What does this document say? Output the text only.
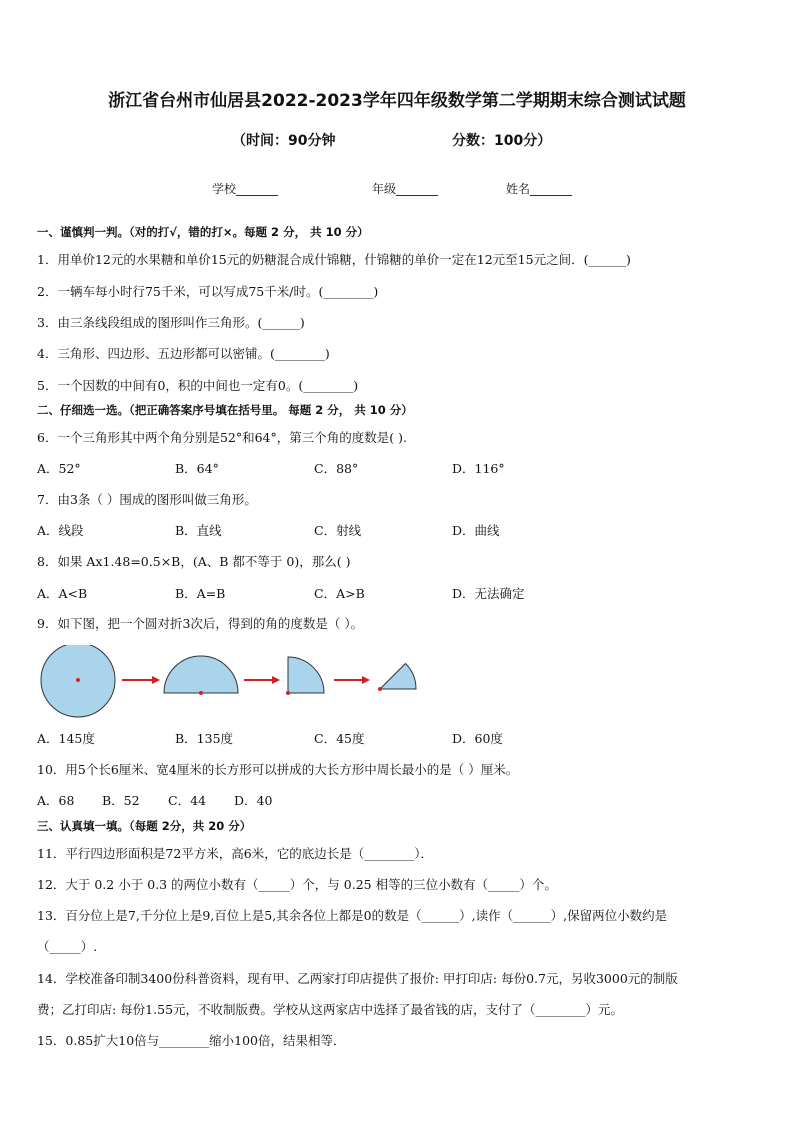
浙江省台州市仙居县2022-2023学年四年级数学第二学期期末综合测试试题
（时间：90分钟	分数：100分）
学校_______	年级_______	姓名_______
一、谨慎判一判。（对的打√，错的打×。每题 2 分， 共 10 分）
1．用单价12元的水果糖和单价15元的奶糖混合成什锦糖，什锦糖的单价一定在12元至15元之间．(______)
2．一辆车每小时行75千米，可以写成75千米/时。(________)
3．由三条线段组成的图形叫作三角形。(______)
4．三角形、四边形、五边形都可以密铺。(________)
5．一个因数的中间有0，积的中间也一定有0。(________)
二、仔细选一选。（把正确答案序号填在括号里。 每题 2 分， 共 10 分）
6．一个三角形其中两个角分别是52°和64°，第三个角的度数是( ).
A．52°	B．64°	C．88°	D．116°
7．由3条（ ）围成的图形叫做三角形。
A．线段	B．直线	C．射线	D．曲线
8．如果 Ax1.48=0.5×B，(A、B 都不等于 0)，那么( )
A．A<B	B．A=B	C．A>B	D．无法确定
9．如下图，把一个圆对折3次后，得到的角的度数是（ ）。
A．145度	B．135度	C．45度	D．60度
10．用5个长6厘米、宽4厘米的长方形可以拼成的大长方形中周长最小的是（ ）厘米。
A．68 B．52 C．44 D．40
三、认真填一填。（每题 2分，共 20 分）
11．平行四边形面积是72平方米，高6米，它的底边长是（________）．
12．大于 0.2 小于 0.3 的两位小数有（_____）个，与 0.25 相等的三位小数有（_____）个。
13．百分位上是7,千分位上是9,百位上是5,其余各位上都是0的数是（______）,读作（______）,保留两位小数约是
（_____）.
14．学校准备印制3400份科普资料，现有甲、乙两家打印店提供了报价: 甲打印店: 每份0.7元，另收3000元的制版
费；乙打印店: 每份1.55元，不收制版费。学校从这两家店中选择了最省钱的店，支付了（________）元。
15．0.85扩大10倍与________缩小100倍，结果相等．
